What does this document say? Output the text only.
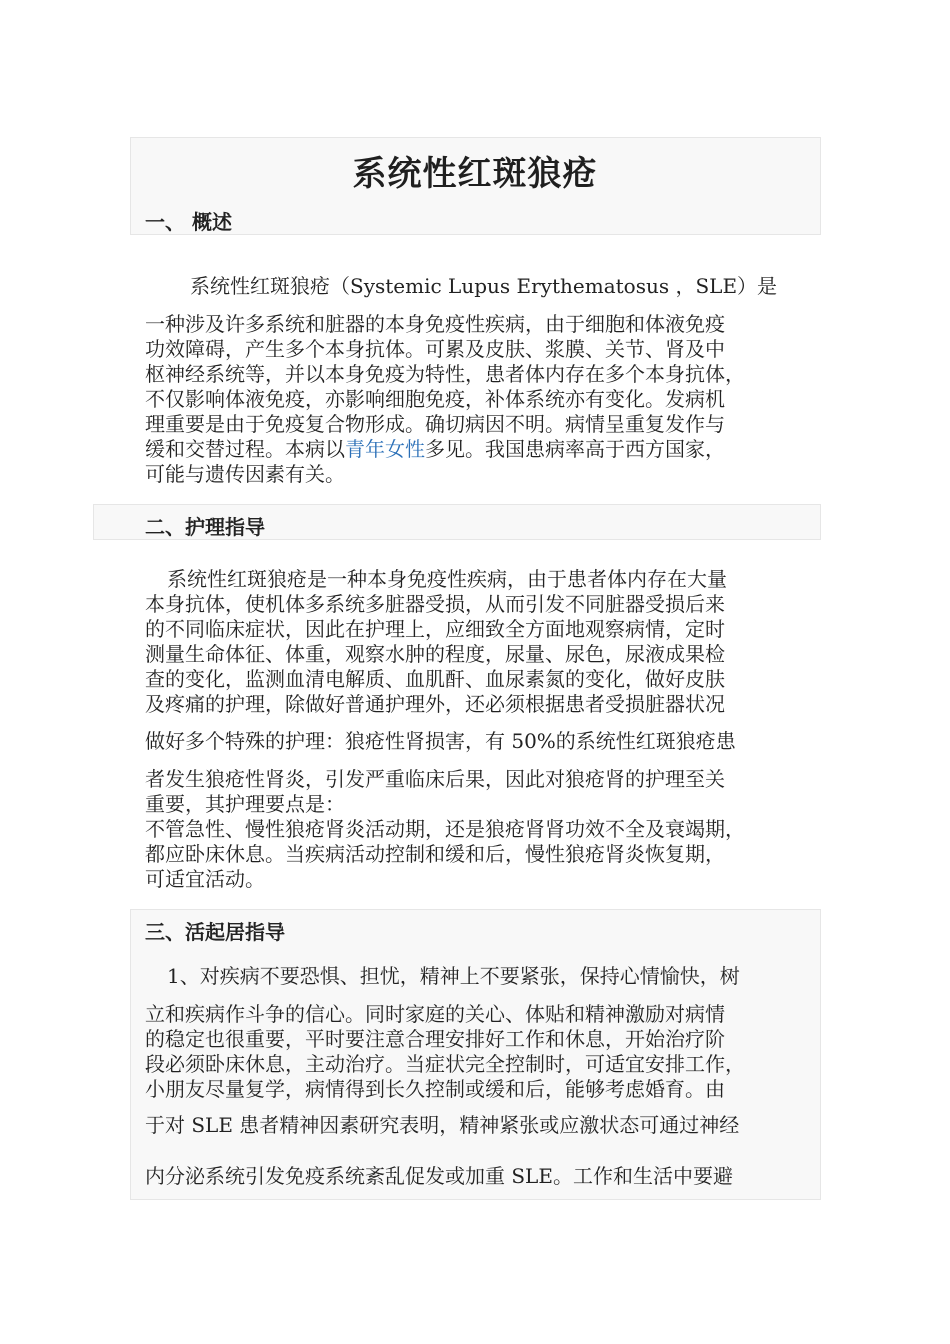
系统性红斑狼疮
一、 概述
系统性红斑狼疮（Systemic Lupus Erythematosus ，SLE）是
一种涉及许多系统和脏器的本身免疫性疾病，由于细胞和体液免疫
功效障碍，产生多个本身抗体。可累及皮肤、浆膜、关节、肾及中
枢神经系统等，并以本身免疫为特性，患者体内存在多个本身抗体，
不仅影响体液免疫，亦影响细胞免疫，补体系统亦有变化。发病机
理重要是由于免疫复合物形成。确切病因不明。病情呈重复发作与
缓和交替过程。本病以青年女性多见。我国患病率高于西方国家，
可能与遗传因素有关。
二、护理指导
系统性红斑狼疮是一种本身免疫性疾病，由于患者体内存在大量
本身抗体，使机体多系统多脏器受损，从而引发不同脏器受损后来
的不同临床症状，因此在护理上，应细致全方面地观察病情，定时
测量生命体征、体重，观察水肿的程度，尿量、尿色，尿液成果检
查的变化，监测血清电解质、血肌酐、血尿素氮的变化，做好皮肤
及疼痛的护理，除做好普通护理外，还必须根据患者受损脏器状况
做好多个特殊的护理：狼疮性肾损害，有 50%的系统性红斑狼疮患
者发生狼疮性肾炎，引发严重临床后果，因此对狼疮肾的护理至关
重要，其护理要点是：
不管急性、慢性狼疮肾炎活动期，还是狼疮肾肾功效不全及衰竭期，
都应卧床休息。当疾病活动控制和缓和后，慢性狼疮肾炎恢复期，
可适宜活动。
三、活起居指导
1、对疾病不要恐惧、担忧，精神上不要紧张，保持心情愉快，树
立和疾病作斗争的信心。同时家庭的关心、体贴和精神激励对病情
的稳定也很重要，平时要注意合理安排好工作和休息，开始治疗阶
段必须卧床休息，主动治疗。当症状完全控制时，可适宜安排工作，
小朋友尽量复学，病情得到长久控制或缓和后，能够考虑婚育。由
于对 SLE 患者精神因素研究表明，精神紧张或应激状态可通过神经
内分泌系统引发免疫系统紊乱促发或加重 SLE。工作和生活中要避
